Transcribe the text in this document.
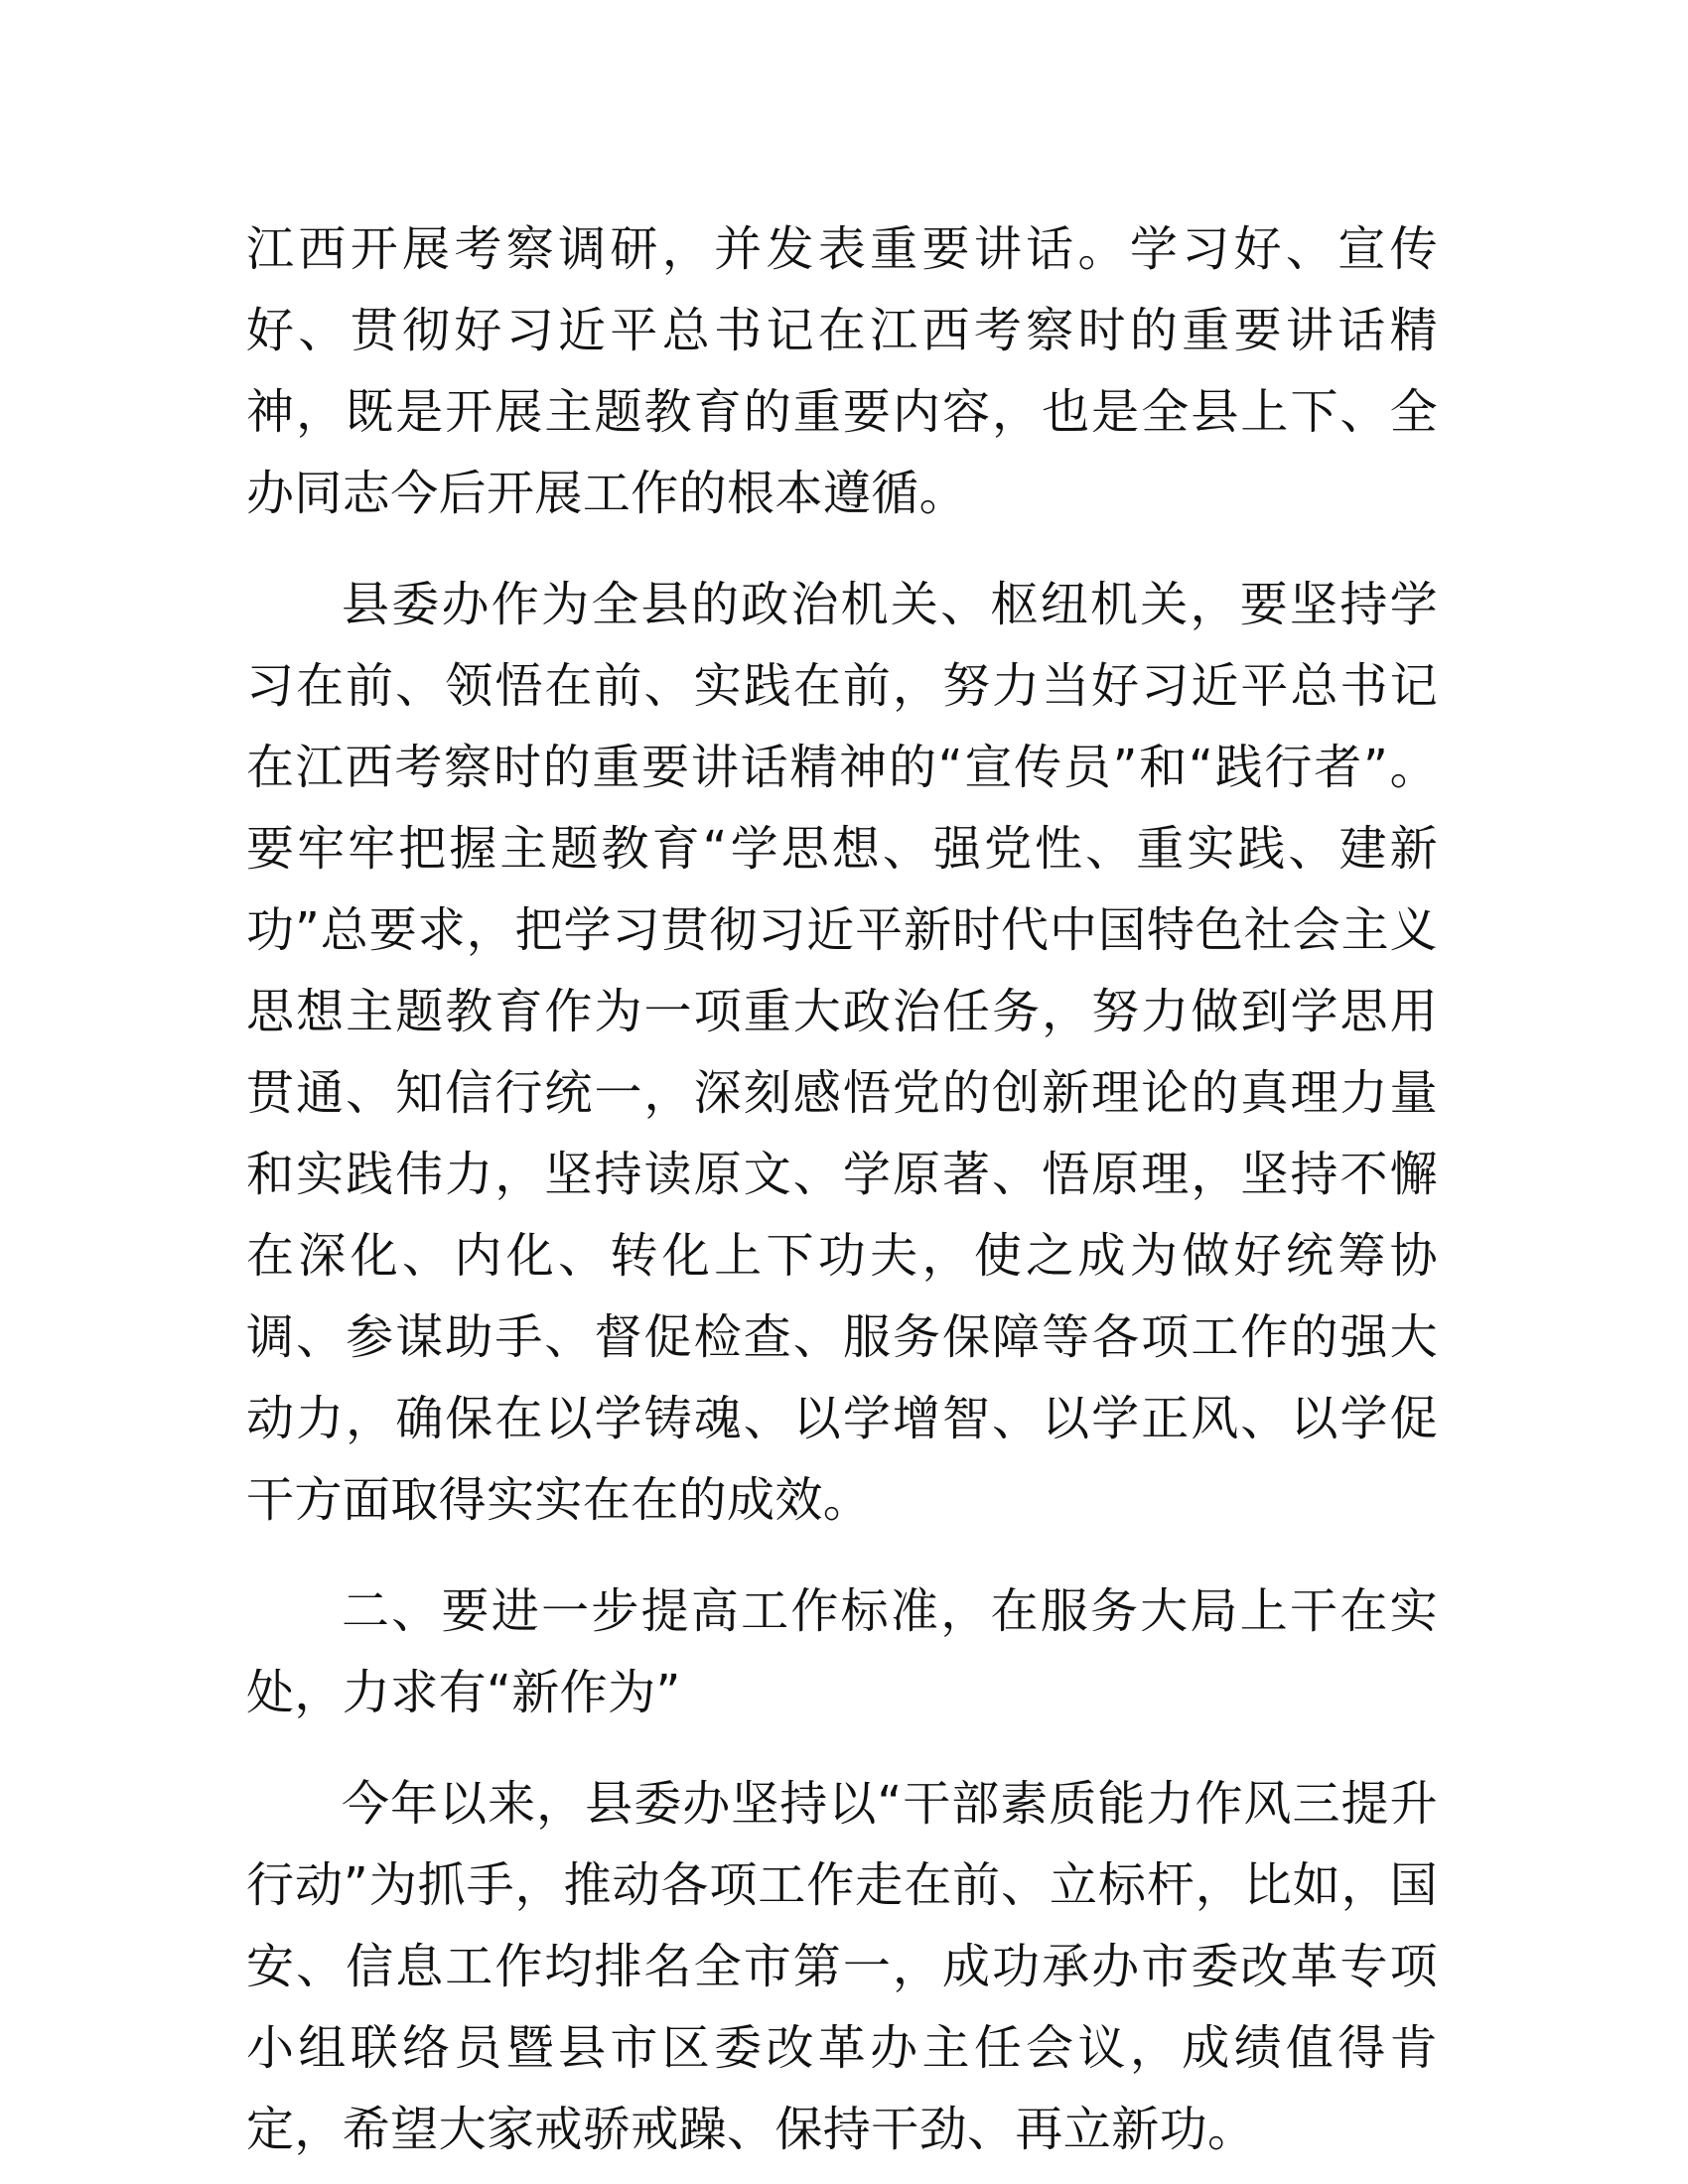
江西开展考察调研，并发表重要讲话。学习好、宣传好、贯彻好习近平总书记在江西考察时的重要讲话精神，既是开展主题教育的重要内容，也是全县上下、全办同志今后开展工作的根本遵循。

县委办作为全县的政治机关、枢纽机关，要坚持学习在前、领悟在前、实践在前，努力当好习近平总书记在江西考察时的重要讲话精神的“宣传员”和“践行者”。要牢牢把握主题教育“学思想、强党性、重实践、建新功”总要求，把学习贯彻习近平新时代中国特色社会主义思想主题教育作为一项重大政治任务，努力做到学思用贯通、知信行统一，深刻感悟党的创新理论的真理力量和实践伟力，坚持读原文、学原著、悟原理，坚持不懈在深化、内化、转化上下功夫，使之成为做好统筹协调、参谋助手、督促检查、服务保障等各项工作的强大动力，确保在以学铸魂、以学增智、以学正风、以学促干方面取得实实在在的成效。

二、要进一步提高工作标准，在服务大局上干在实处，力求有“新作为”

今年以来，县委办坚持以“干部素质能力作风三提升行动”为抓手，推动各项工作走在前、立标杆，比如，国安、信息工作均排名全市第一，成功承办市委改革专项小组联络员暨县市区委改革办主任会议，成绩值得肯定，希望大家戒骄戒躁、保持干劲、再立新功。
